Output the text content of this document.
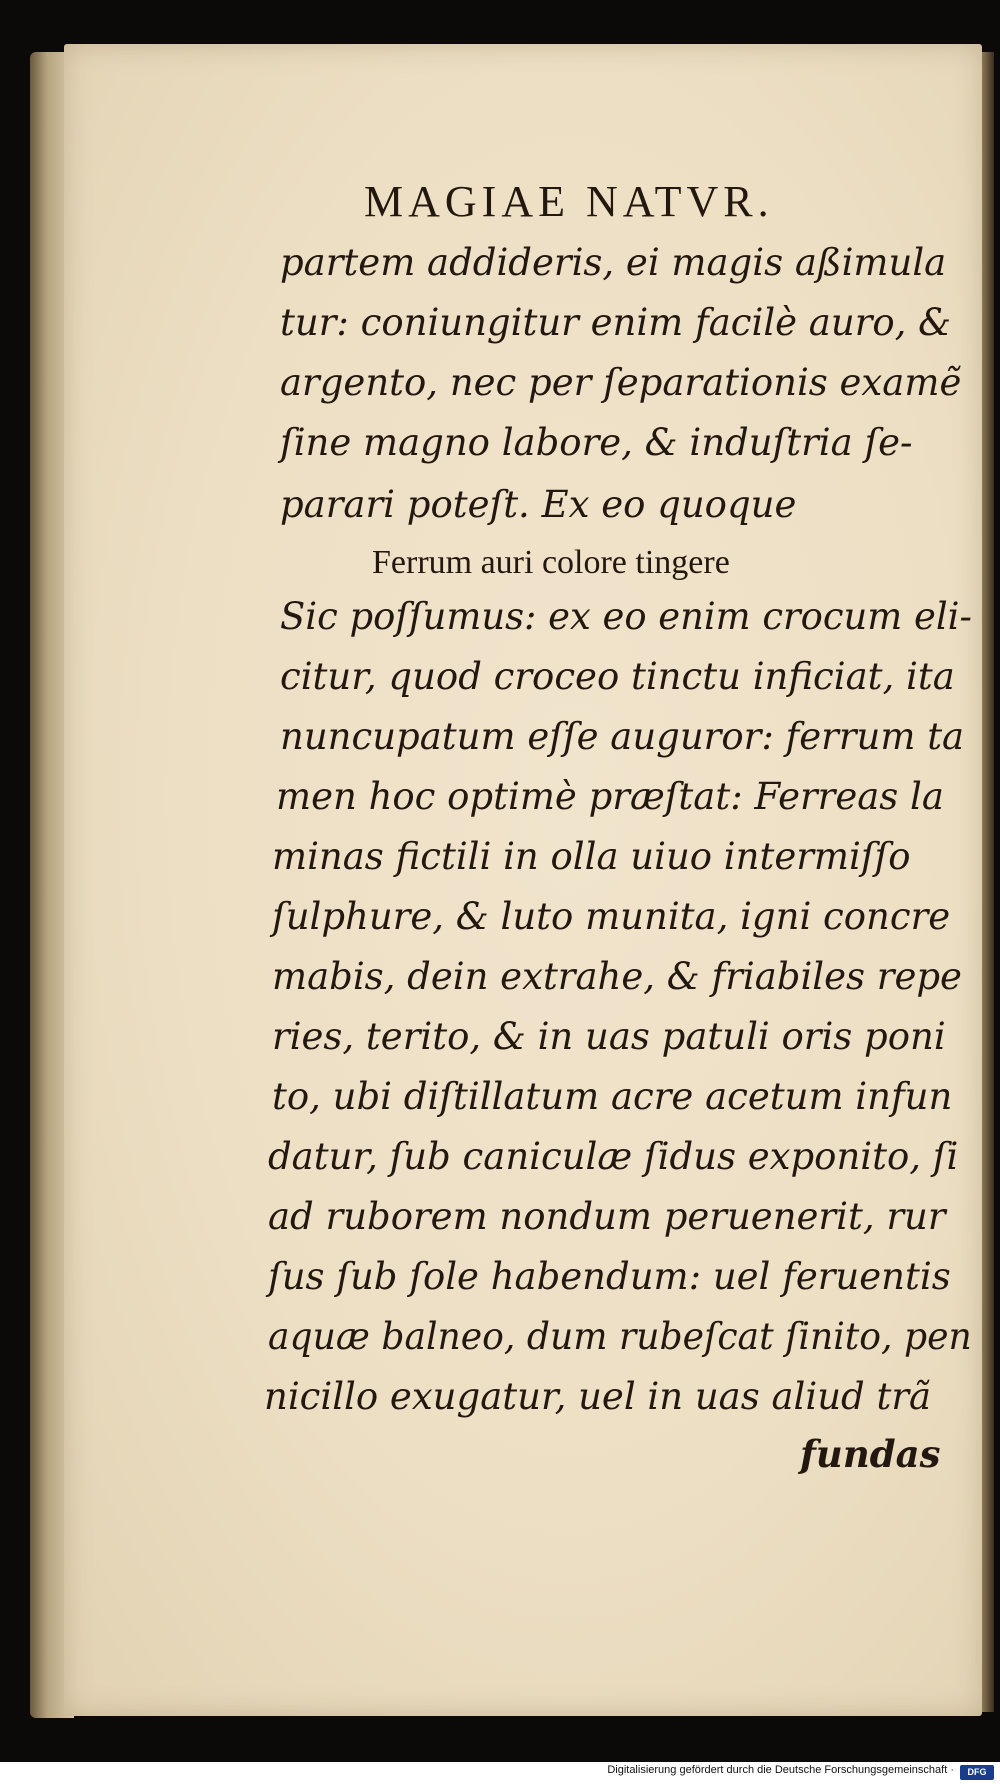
MAGIAE NATVR.
partem addideris, ei magis aßimula
tur: coniungitur enim facilè auro, &
argento, nec per ſeparationis examẽ
ſine magno labore, & induſtria ſe-
parari poteſt. Ex eo quoque
Ferrum auri colore tingere
Sic poſſumus: ex eo enim crocum eli-
citur, quod croceo tinctu inficiat, ita
nuncupatum eſſe auguror: ferrum ta
men hoc optimè præſtat: Ferreas la
minas fictili in olla uiuo intermiſſo
ſulphure, & luto munita, igni concre
mabis, dein extrahe, & friabiles repe
ries, terito, & in uas patuli oris poni
to, ubi diſtillatum acre acetum infun
datur, ſub caniculæ ſidus exponito, ſi
ad ruborem nondum peruenerit, rur
ſus ſub ſole habendum: uel feruentis
aquæ balneo, dum rubeſcat ſinito, pen
nicillo exugatur, uel in uas aliud trã
fundas
Digitalisierung gefördert durch die Deutsche Forschungsgemeinschaft ·	DFG
